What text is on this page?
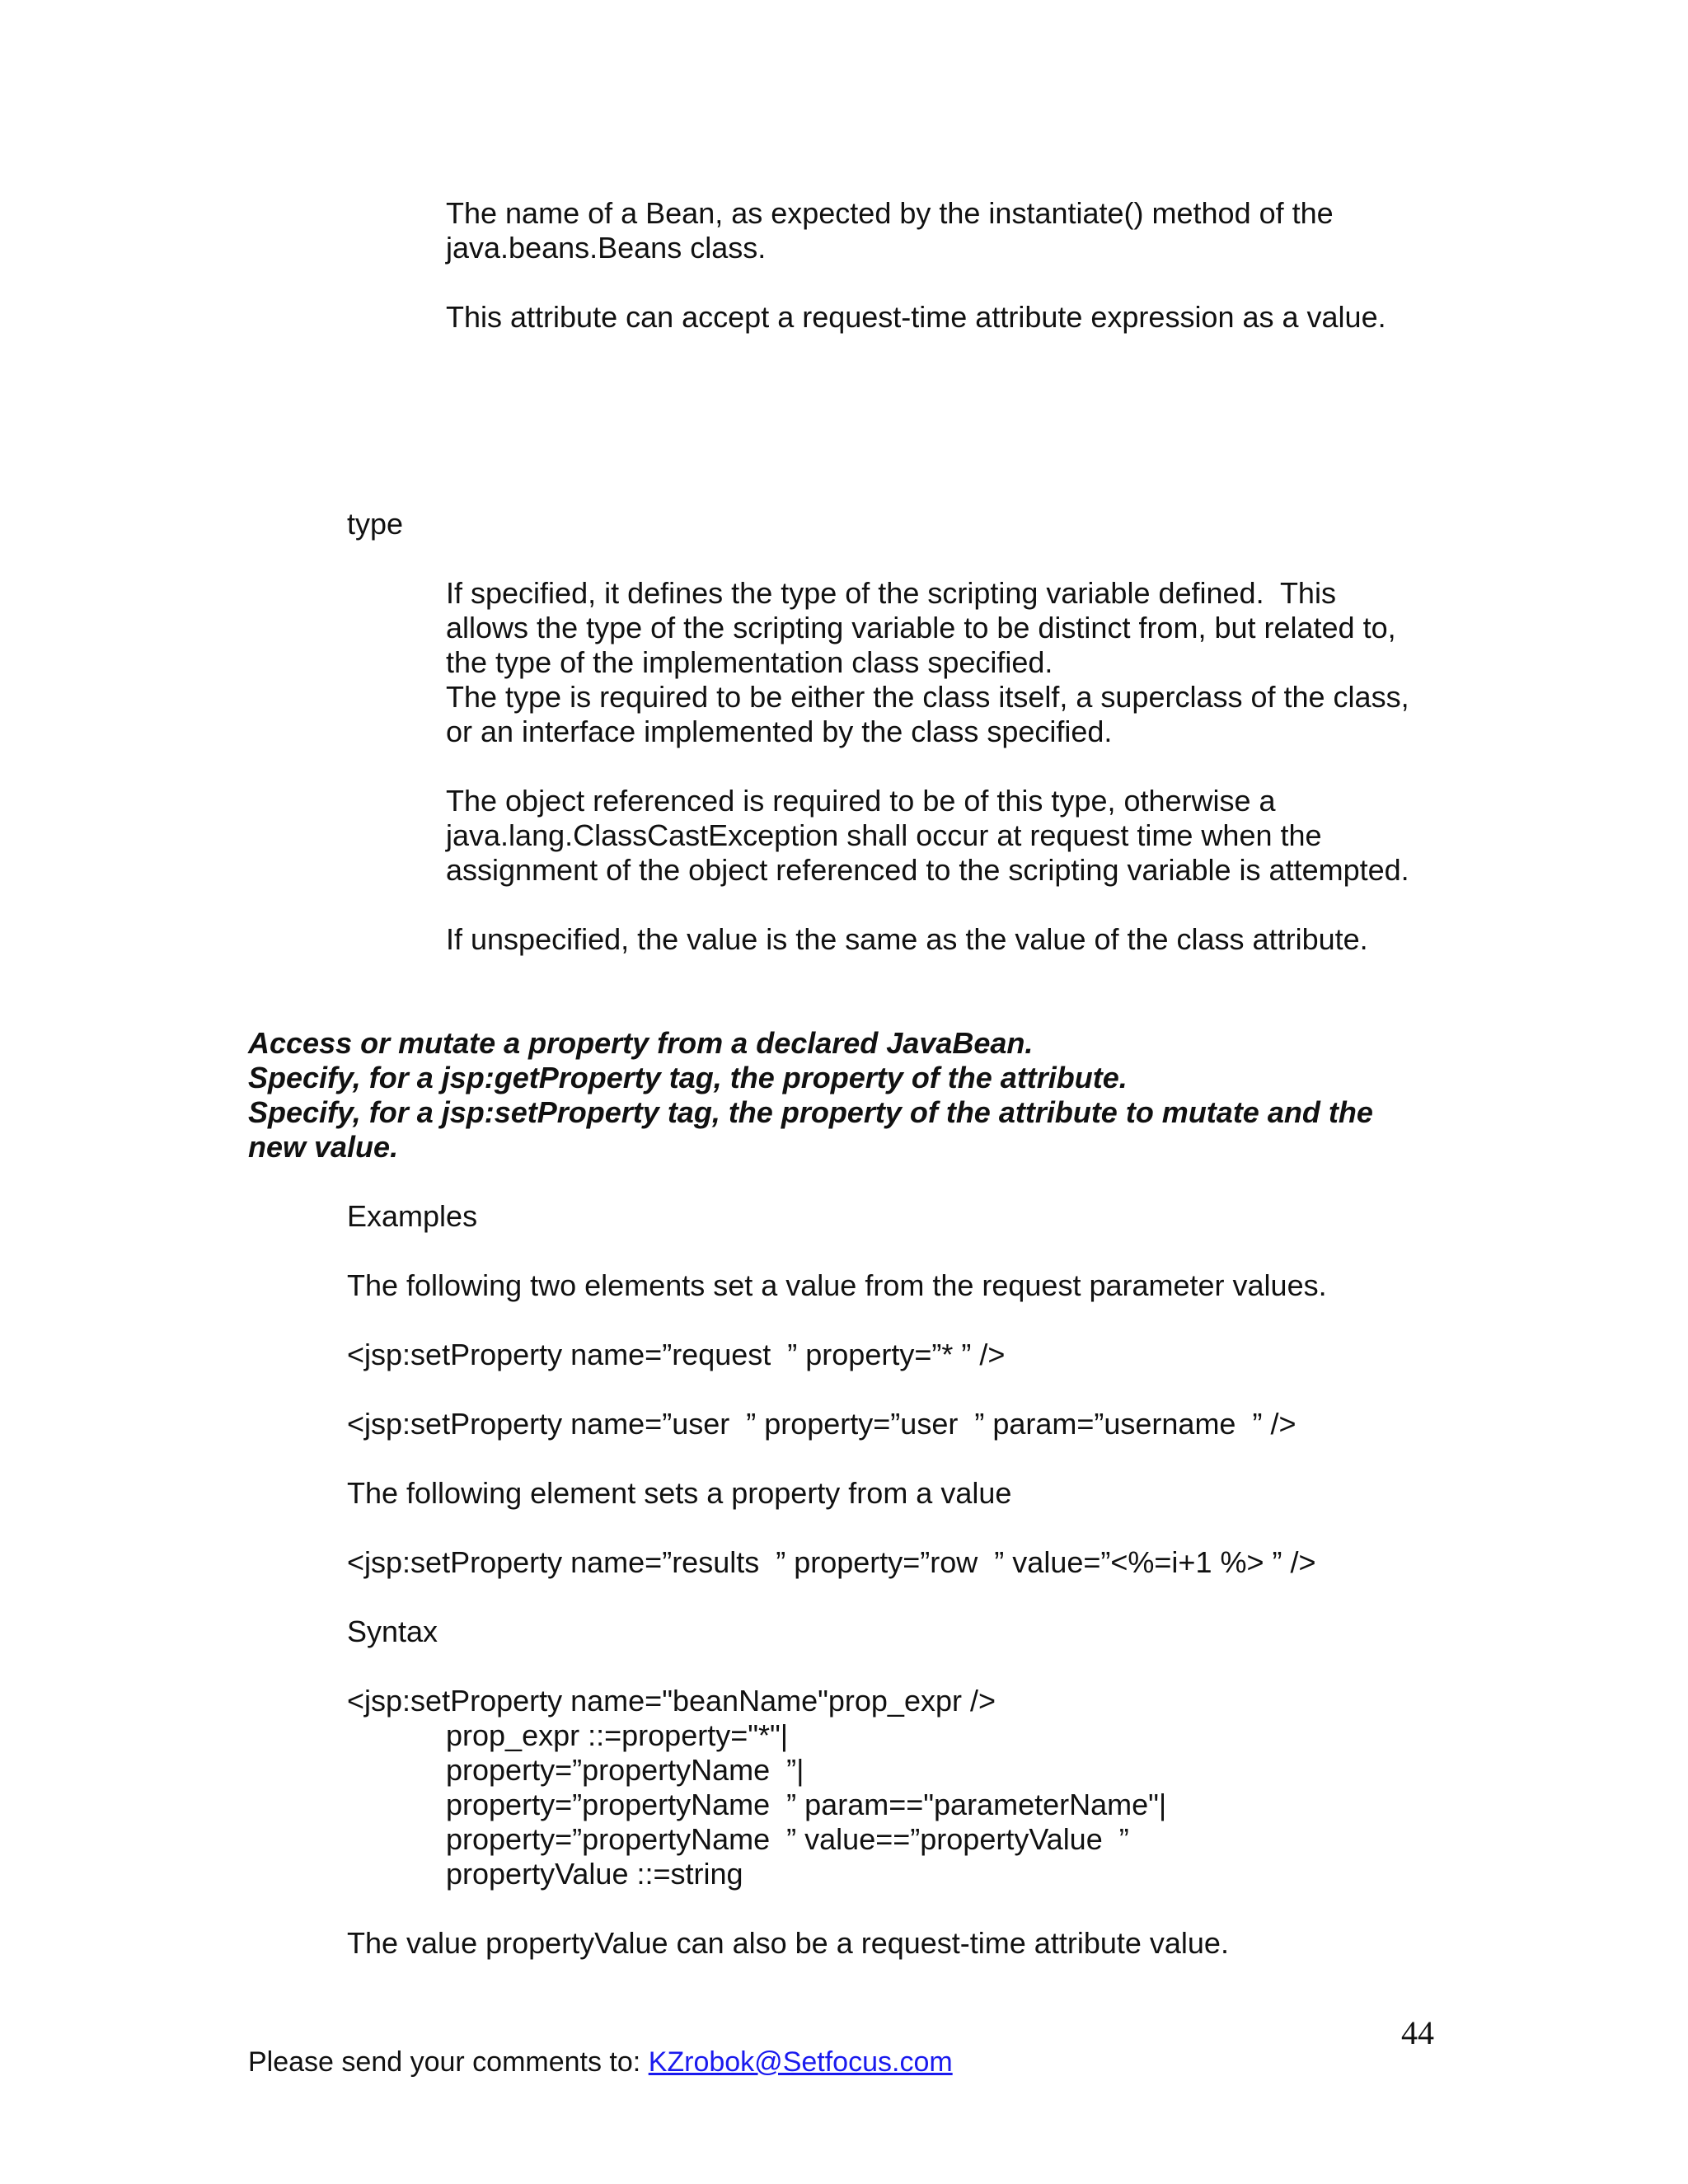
The name of a Bean, as expected by the instantiate() method of the
java.beans.Beans class.
This attribute can accept a request-time attribute expression as a value.
type
If specified, it defines the type of the scripting variable defined.  This
allows the type of the scripting variable to be distinct from, but related to,
the type of the implementation class specified.
The type is required to be either the class itself, a superclass of the class,
or an interface implemented by the class specified.
The object referenced is required to be of this type, otherwise a
java.lang.ClassCastException shall occur at request time when the
assignment of the object referenced to the scripting variable is attempted.
If unspecified, the value is the same as the value of the class attribute.
Access or mutate a property from a declared JavaBean.
Specify, for a jsp:getProperty tag, the property of the attribute.
Specify, for a jsp:setProperty tag, the property of the attribute to mutate and the
new value.
Examples
The following two elements set a value from the request parameter values.
<jsp:setProperty name=”request  ” property=”* ” />
<jsp:setProperty name=”user  ” property=”user  ” param=”username  ” />
The following element sets a property from a value
<jsp:setProperty name=”results  ” property=”row  ” value=”<%=i+1 %> ” />
Syntax
<jsp:setProperty name="beanName"prop_expr />
prop_expr ::=property="*"|
property=”propertyName  ”|
property=”propertyName  ” param=="parameterName"|
property=”propertyName  ” value==”propertyValue  ”
propertyValue ::=string
The value propertyValue can also be a request-time attribute value.
44
Please send your comments to: KZrobok@Setfocus.com
